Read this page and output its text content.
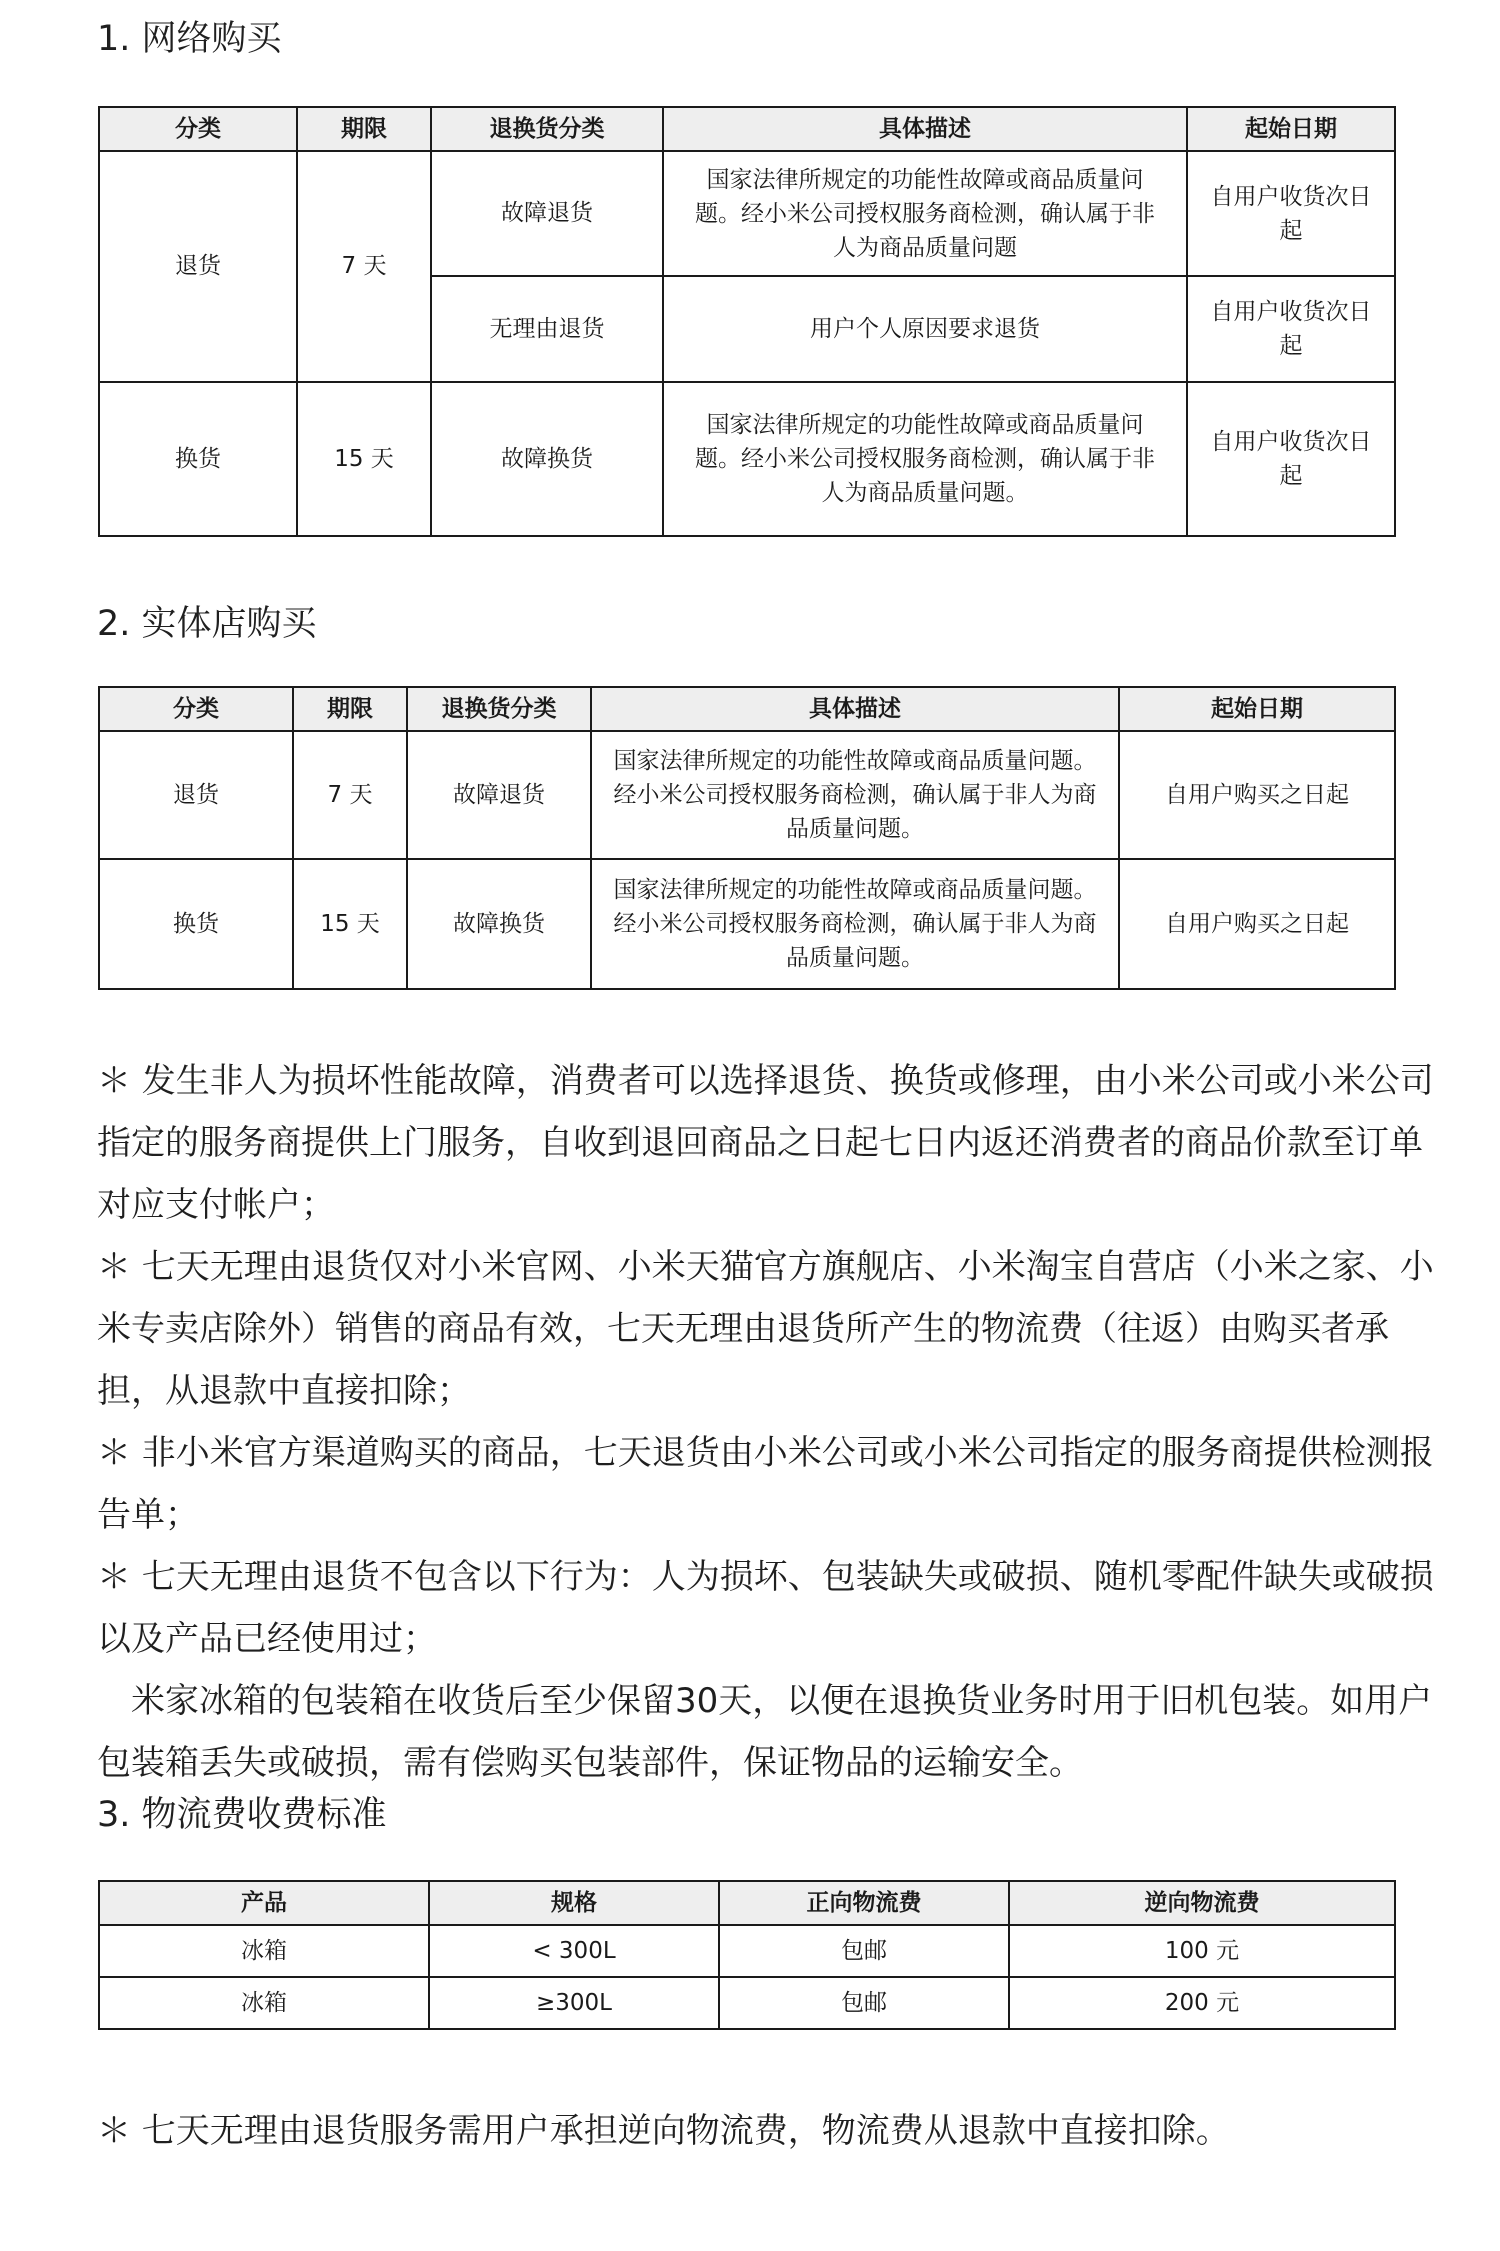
1. 网络购买
分类	期限	退换货分类	具体描述	起始日期
退货	7 天	故障退货	国家法律所规定的功能性故障或商品质量问题。经小米公司授权服务商检测，确认属于非人为商品质量问题	自用户收货次日起
		无理由退货	用户个人原因要求退货	自用户收货次日起
换货	15 天	故障换货	国家法律所规定的功能性故障或商品质量问题。经小米公司授权服务商检测，确认属于非人为商品质量问题。	自用户收货次日起
2. 实体店购买
分类	期限	退换货分类	具体描述	起始日期
退货	7 天	故障退货	国家法律所规定的功能性故障或商品质量问题。经小米公司授权服务商检测，确认属于非人为商品质量问题。	自用户购买之日起
换货	15 天	故障换货	国家法律所规定的功能性故障或商品质量问题。经小米公司授权服务商检测，确认属于非人为商品质量问题。	自用户购买之日起

＊ 发生非人为损坏性能故障，消费者可以选择退货、换货或修理，由小米公司或小米公司指定的服务商提供上门服务，自收到退回商品之日起七日内返还消费者的商品价款至订单对应支付帐户；

＊ 七天无理由退货仅对小米官网、小米天猫官方旗舰店、小米淘宝自营店（小米之家、小米专卖店除外）销售的商品有效，七天无理由退货所产生的物流费（往返）由购买者承担，从退款中直接扣除；

＊ 非小米官方渠道购买的商品，七天退货由小米公司或小米公司指定的服务商提供检测报告单；

＊ 七天无理由退货不包含以下行为：人为损坏、包装缺失或破损、随机零配件缺失或破损以及产品已经使用过；

　米家冰箱的包装箱在收货后至少保留30天，以便在退换货业务时用于旧机包装。如用户包装箱丢失或破损，需有偿购买包装部件，保证物品的运输安全。

3. 物流费收费标准
产品	规格	正向物流费	逆向物流费
冰箱	< 300L	包邮	100 元
冰箱	≥300L	包邮	200 元

＊ 七天无理由退货服务需用户承担逆向物流费，物流费从退款中直接扣除。
